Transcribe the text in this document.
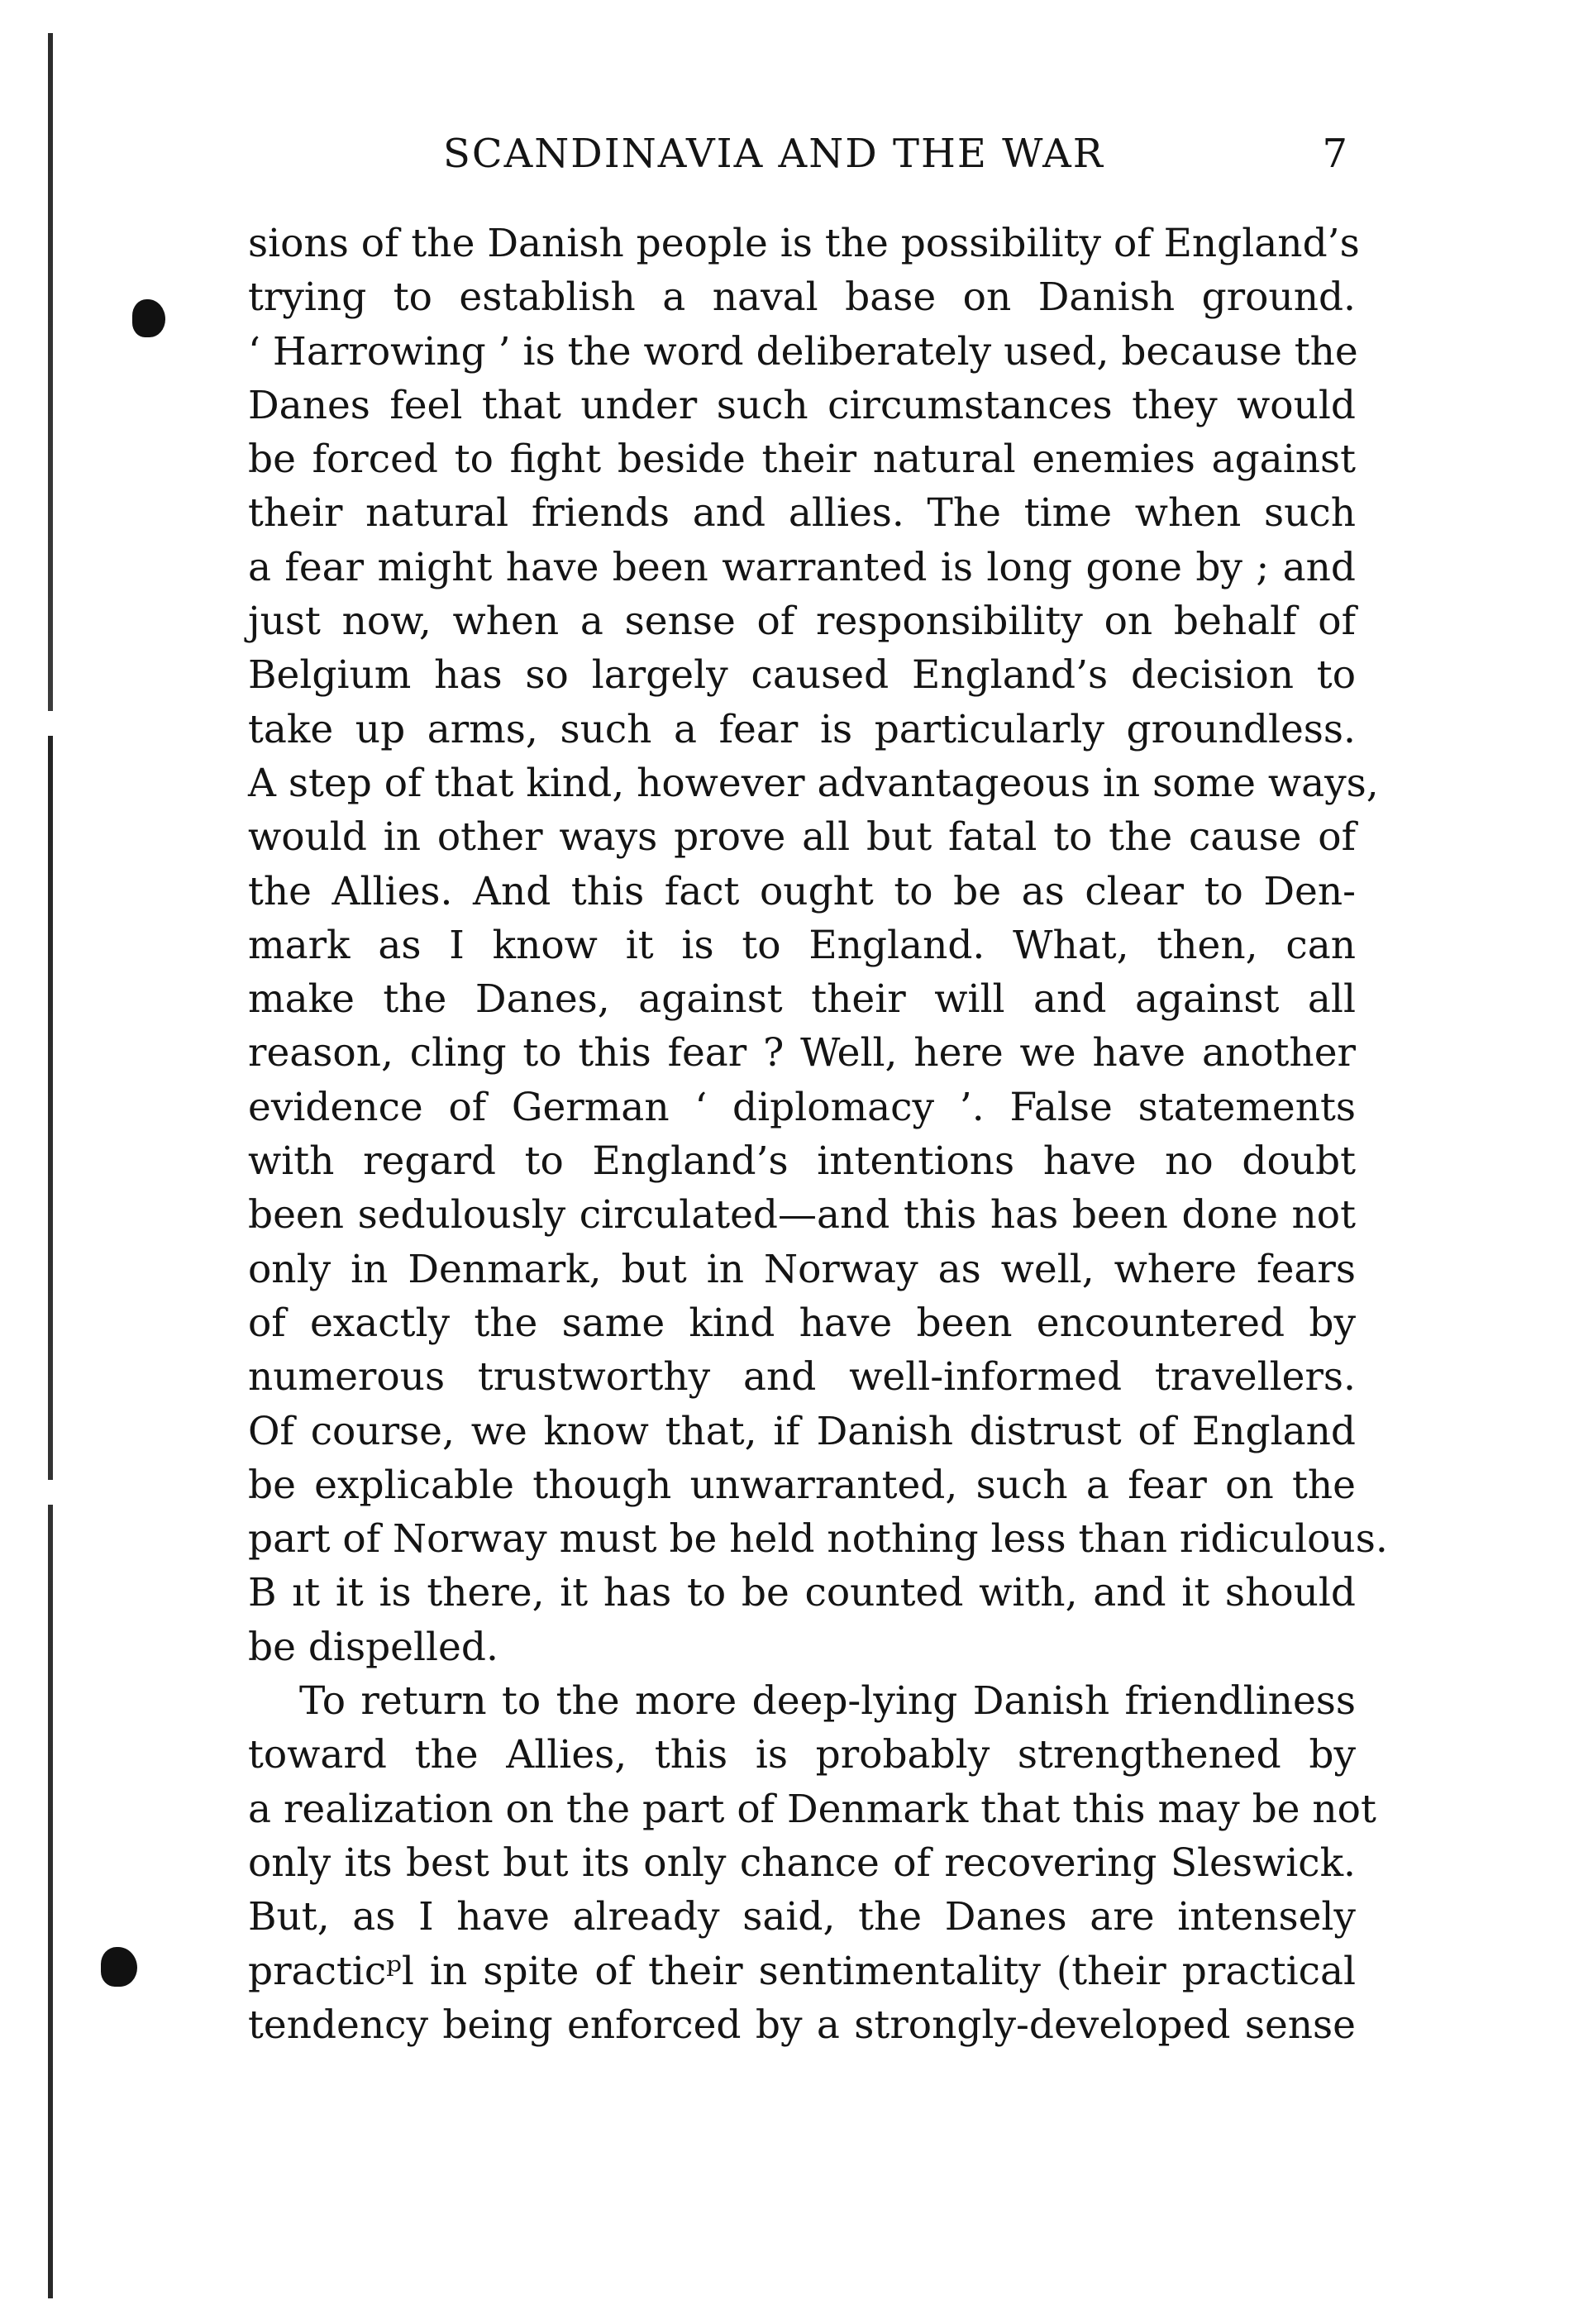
SCANDINAVIA AND THE WAR	7
sions of the Danish people is the possibility of England’s
trying to establish a naval base on Danish ground.
‘ Harrowing ’ is the word deliberately used, because the
Danes feel that under such circumstances they would
be forced to fight beside their natural enemies against
their natural friends and allies. The time when such
a fear might have been warranted is long gone by ; and
just now, when a sense of responsibility on behalf of
Belgium has so largely caused England’s decision to
take up arms, such a fear is particularly groundless.
A step of that kind, however advantageous in some ways,
would in other ways prove all but fatal to the cause of
the Allies. And this fact ought to be as clear to Den-
mark as I know it is to England. What, then, can
make the Danes, against their will and against all
reason, cling to this fear ? Well, here we have another
evidence of German ‘ diplomacy ’. False statements
with regard to England’s intentions have no doubt
been sedulously circulated—and this has been done not
only in Denmark, but in Norway as well, where fears
of exactly the same kind have been encountered by
numerous trustworthy and well-informed travellers.
Of course, we know that, if Danish distrust of England
be explicable though unwarranted, such a fear on the
part of Norway must be held nothing less than ridiculous.
B ıt it is there, it has to be counted with, and it should
be dispelled.
To return to the more deep-lying Danish friendliness
toward the Allies, this is probably strengthened by
a realization on the part of Denmark that this may be not
only its best but its only chance of recovering Sleswick.
But, as I have already said, the Danes are intensely
practicᵖl in spite of their sentimentality (their practical
tendency being enforced by a strongly-developed sense
